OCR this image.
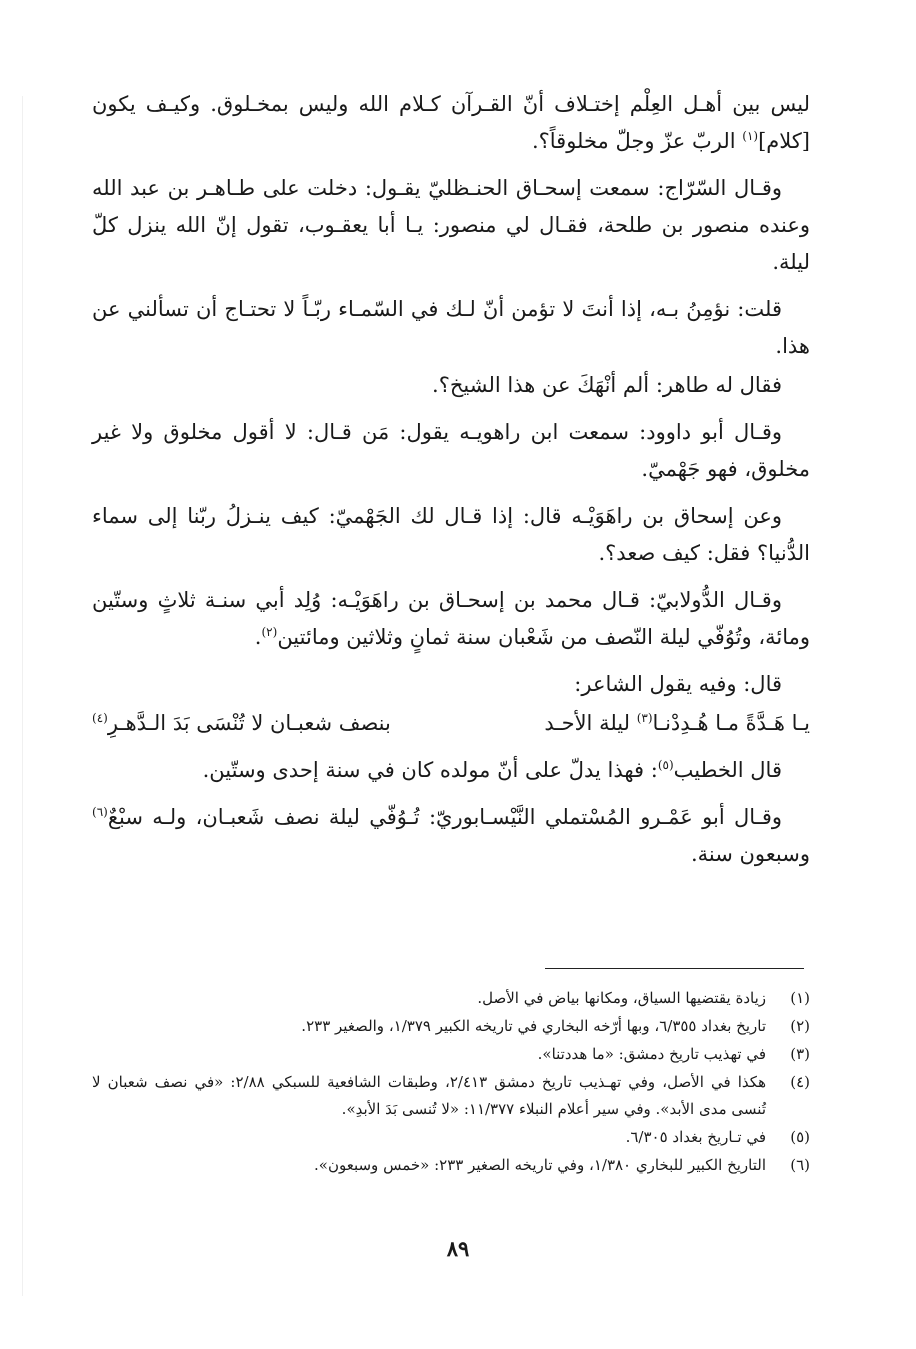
ليس بين أهـل العِلْم إختـلاف أنّ القـرآن كـلام الله وليس بمخـلوق. وكيـف يكون [كلام]$^{(١)}$ الربّ عزّ وجلّ مخلوقاً؟.

وقـال السّرّاج: سمعت إسحـاق الحنـظليّ يقـول: دخلت على طـاهـر بن عبد الله وعنده منصور بن طلحة، فقـال لي منصور: يـا أبا يعقـوب، تقول إنّ الله ينزل كلّ ليلة.

قلت: نؤمِنُ بـه، إذا أنتَ لا تؤمن أنّ لـك في السّمـاء ربّـاً لا تحتـاج أن تسألني عن هذا.

فقال له طاهر: ألم أنْهَكَ عن هذا الشيخ؟.

وقـال أبو داوود: سمعت ابن راهويـه يقول: مَن قـال: لا أقول مخلوق ولا غير مخلوق، فهو جَهْميّ.

وعن إسحاق بن راهَوَيْـه قال: إذا قـال لك الجَهْميّ: كيف ينـزلُ ربّنا إلى سماء الدُّنيا؟ فقل: كيف صعد؟.

وقـال الدُّولابيّ: قـال محمد بن إسحـاق بن راهَوَيْـه: وُلِد أبي سنـة ثلاثٍ وستّين ومائة، وتُوُفّي ليلة النّصف من شَعْبان سنة ثمانٍ وثلاثين ومائتين$^{(٢)}$.

قال: وفيه يقول الشاعر:

يـا هَـدَّةً مـا هُـدِدْنـا$^{(٣)}$ ليلة الأحـد
بنصف شعبـان لا تُنْسَى بَدَ الـدَّهـرِ$^{(٤)}$

قال الخطيب$^{(٥)}$: فهذا يدلّ على أنّ مولده كان في سنة إحدى وستّين.

وقـال أبو عَمْـرو المُسْتملي النَّيْسـابوريّ: تُـوُفّي ليلة نصف شَعبـان، ولـه سبْعٌ$^{(٦)}$ وسبعون سنة.

(١)
زيادة يقتضيها السياق، ومكانها بياض في الأصل.
(٢)
تاريخ بغداد ٦/٣٥٥، وبها أرّخه البخاري في تاريخه الكبير ١/٣٧٩، والصغير ٢٣٣.
(٣)
في تهذيب تاريخ دمشق: «ما هددتنا».
(٤)
هكذا في الأصل، وفي تهـذيب تاريخ دمشق ٢/٤١٣، وطبقات الشافعية للسبكي ٢/٨٨: «في نصف شعبان لا تُنسى مدى الأبد». وفي سير أعلام النبلاء ١١/٣٧٧: «لا تُنسى بَدَ الأبدِ».
(٥)
في تـاريخ بغداد ٦/٣٠٥.
(٦)
التاريخ الكبير للبخاري ١/٣٨٠، وفي تاريخه الصغير ٢٣٣: «خمس وسبعون».
٨٩
